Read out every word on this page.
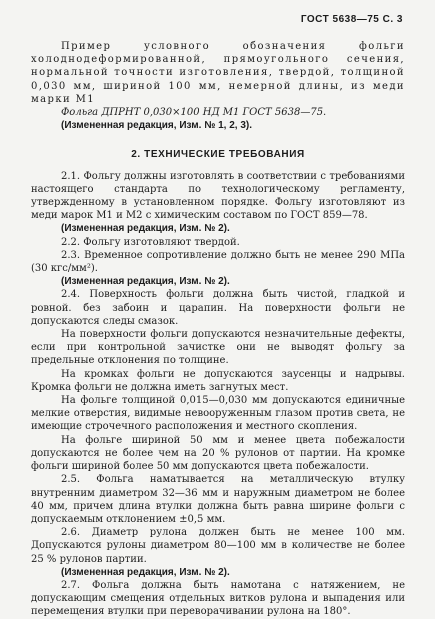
ГОСТ 5638—75 С. 3

Пример условного обозначения фольги холоднодеформированной, прямоугольного сечения, нормальной точности изготовления, твердой, толщиной 0,030 мм, шириной 100 мм, немерной длины, из меди марки М1

Фольга ДПРНТ 0,030×100 НД М1 ГОСТ 5638—75.

(Измененная редакция, Изм. № 1, 2, 3).

2. ТЕХНИЧЕСКИЕ ТРЕБОВАНИЯ

2.1. Фольгу должны изготовлять в соответствии с требованиями настоящего стандарта по технологическому регламенту, утвержденному в установленном порядке. Фольгу изготовляют из меди марок М1 и М2 с химическим составом по ГОСТ 859—78.

(Измененная редакция, Изм. № 2).

2.2. Фольгу изготовляют твердой.

2.3. Временное сопротивление должно быть не менее 290 МПа (30 кгс/мм²).

(Измененная редакция, Изм. № 2).

2.4. Поверхность фольги должна быть чистой, гладкой и ровной. без забоин и царапин. На поверхности фольги не допускаются следы смазок.

На поверхности фольги допускаются незначительные дефекты, если при контрольной зачистке они не выводят фольгу за предельные отклонения по толщине.

На кромках фольги не допускаются заусенцы и надрывы. Кромка фольги не должна иметь загнутых мест.

На фольге толщиной 0,015—0,030 мм допускаются единичные мелкие отверстия, видимые невооруженным глазом против света, не имеющие строчечного расположения и местного скопления.

На фольге шириной 50 мм и менее цвета побежалости допускаются не более чем на 20 % рулонов от партии. На кромке фольги шириной более 50 мм допускаются цвета побежалости.

2.5. Фольга наматывается на металлическую втулку внутренним диаметром 32—36 мм и наружным диаметром не более 40 мм, причем длина втулки должна быть равна ширине фольги с допускаемым отклонением ±0,5 мм.

2.6. Диаметр рулона должен быть не менее 100 мм. Допускаются рулоны диаметром 80—100 мм в количестве не более 25 % рулонов партии.

(Измененная редакция, Изм. № 2).

2.7. Фольга должна быть намотана с натяжением, не допускающим смещения отдельных витков рулона и выпадения или перемещения втулки при переворачивании рулона на 180°.
